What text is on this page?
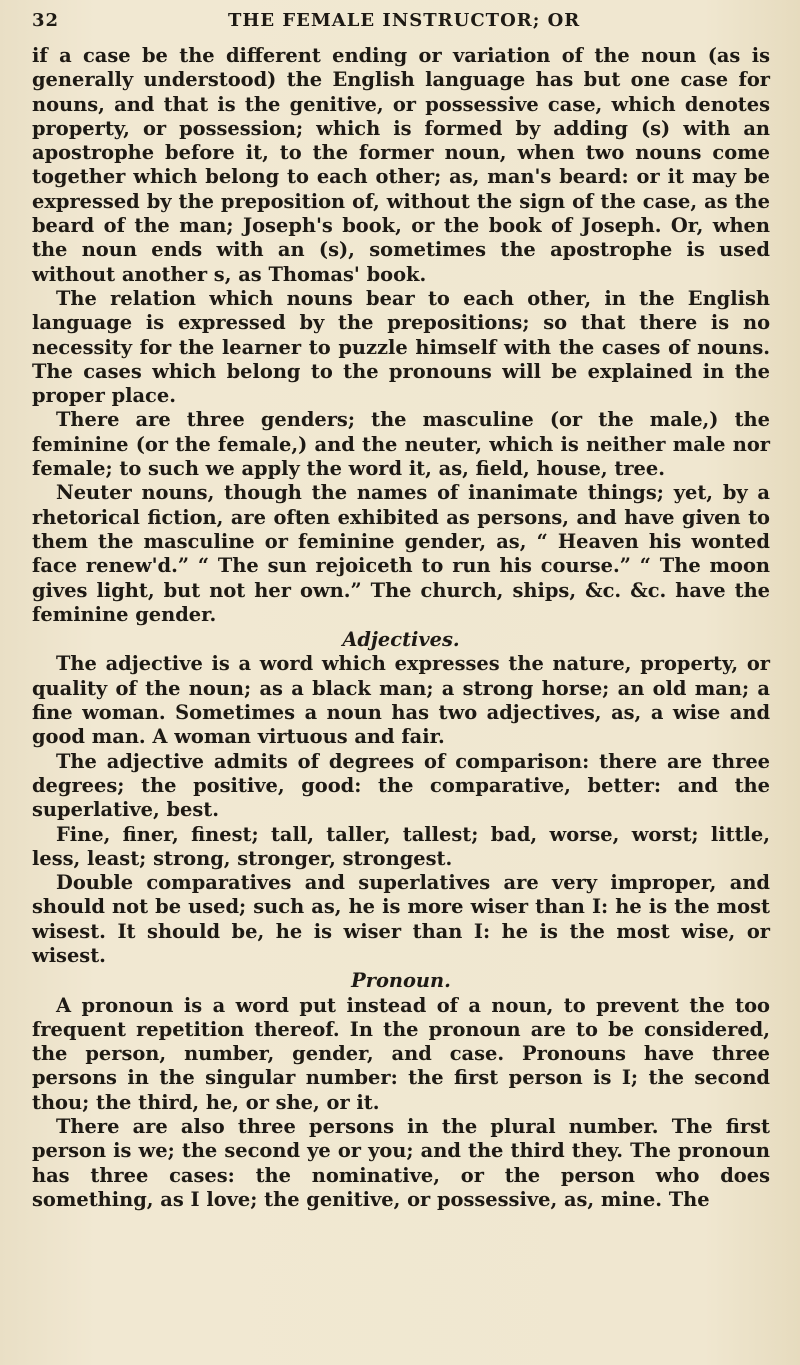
32	THE FEMALE INSTRUCTOR; OR

if a case be the different ending or variation of the noun (as is generally understood) the English language has but one case for nouns, and that is the genitive, or possessive case, which denotes property, or possession; which is formed by adding (s) with an apostrophe before it, to the former noun, when two nouns come together which belong to each other; as, man's beard: or it may be expressed by the preposition of, without the sign of the case, as the beard of the man; Joseph's book, or the book of Joseph. Or, when the noun ends with an (s), sometimes the apostrophe is used without another s, as Thomas' book.

The relation which nouns bear to each other, in the English language is expressed by the prepositions; so that there is no necessity for the learner to puzzle himself with the cases of nouns. The cases which belong to the pronouns will be explained in the proper place.

There are three genders; the masculine (or the male,) the feminine (or the female,) and the neuter, which is neither male nor female; to such we apply the word it, as, field, house, tree.

Neuter nouns, though the names of inanimate things; yet, by a rhetorical fiction, are often exhibited as persons, and have given to them the masculine or feminine gender, as, “ Heaven his wonted face renew'd.” “ The sun rejoiceth to run his course.” “ The moon gives light, but not her own.” The church, ships, &c. &c. have the feminine gender.

Adjectives.

The adjective is a word which expresses the nature, property, or quality of the noun; as a black man; a strong horse; an old man; a fine woman. Sometimes a noun has two adjectives, as, a wise and good man. A woman virtuous and fair.

The adjective admits of degrees of comparison: there are three degrees; the positive, good: the comparative, better: and the superlative, best.

Fine, finer, finest; tall, taller, tallest; bad, worse, worst; little, less, least; strong, stronger, strongest.

Double comparatives and superlatives are very improper, and should not be used; such as, he is more wiser than I: he is the most wisest. It should be, he is wiser than I: he is the most wise, or wisest.

Pronoun.

A pronoun is a word put instead of a noun, to prevent the too frequent repetition thereof. In the pronoun are to be considered, the person, number, gender, and case. Pronouns have three persons in the singular number: the first person is I; the second thou; the third, he, or she, or it.

There are also three persons in the plural number. The first person is we; the second ye or you; and the third they. The pronoun has three cases: the nominative, or the person who does something, as I love; the genitive, or possessive, as, mine. The
